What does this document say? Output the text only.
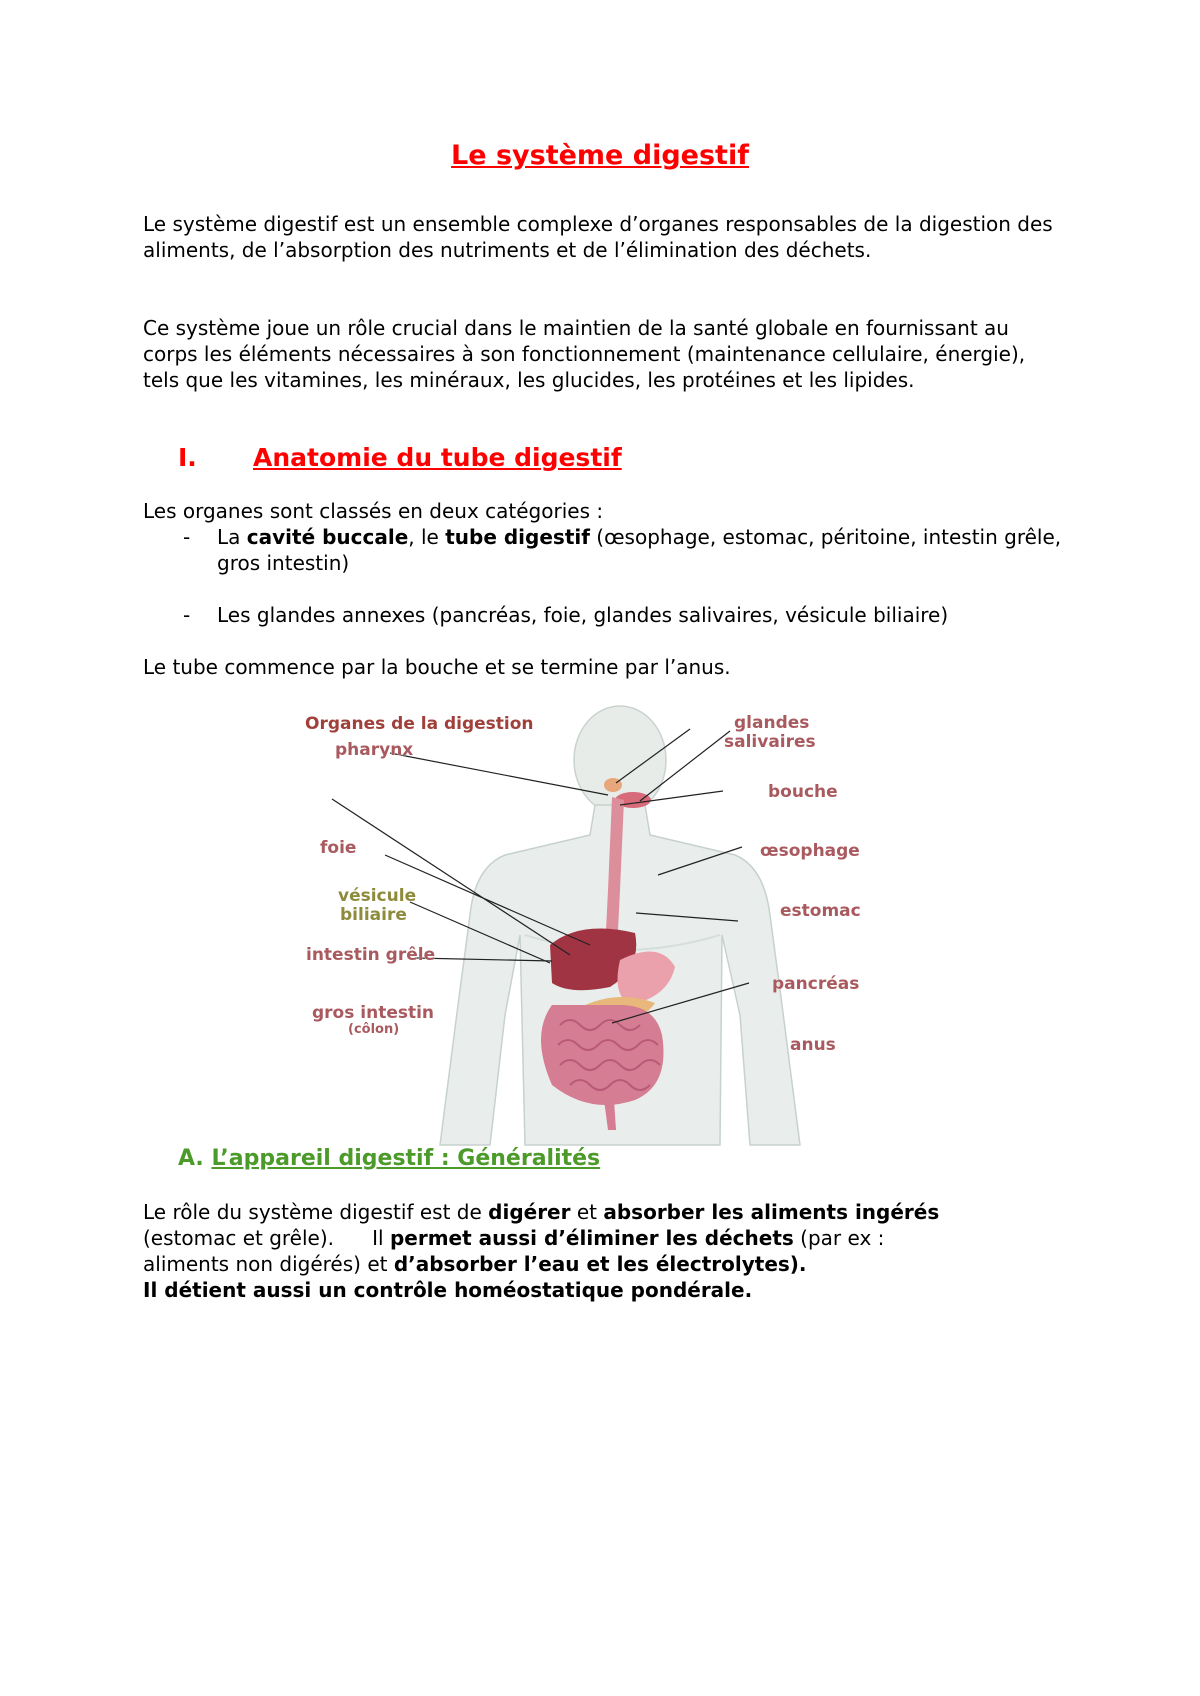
Le système digestif

Le système digestif est un ensemble complexe d’organes responsables de la digestion des aliments, de l’absorption des nutriments et de l’élimination des déchets.

Ce système joue un rôle crucial dans le maintien de la santé globale en fournissant au corps les éléments nécessaires à son fonctionnement (maintenance cellulaire, énergie), tels que les vitamines, les minéraux, les glucides, les protéines et les lipides.

I. Anatomie du tube digestif

Les organes sont classés en deux catégories :

- La cavité buccale, le tube digestif (œsophage, estomac, péritoine, intestin grêle, gros intestin)
- Les glandes annexes (pancréas, foie, glandes salivaires, vésicule biliaire)

Le tube commence par la bouche et se termine par l’anus.

Organes de la digestion
pharynx
foie
vésicule
biliaire
intestin grêle
gros intestin
(côlon)
glandes
salivaires
bouche
œsophage
estomac
pancréas
anus
A. L’appareil digestif : Généralités

Le rôle du système digestif est de digérer et absorber les aliments ingérés
(estomac et grêle).      Il permet aussi d’éliminer les déchets (par ex :
aliments non digérés) et d’absorber l’eau et les électrolytes).
Il détient aussi un contrôle homéostatique pondérale.
